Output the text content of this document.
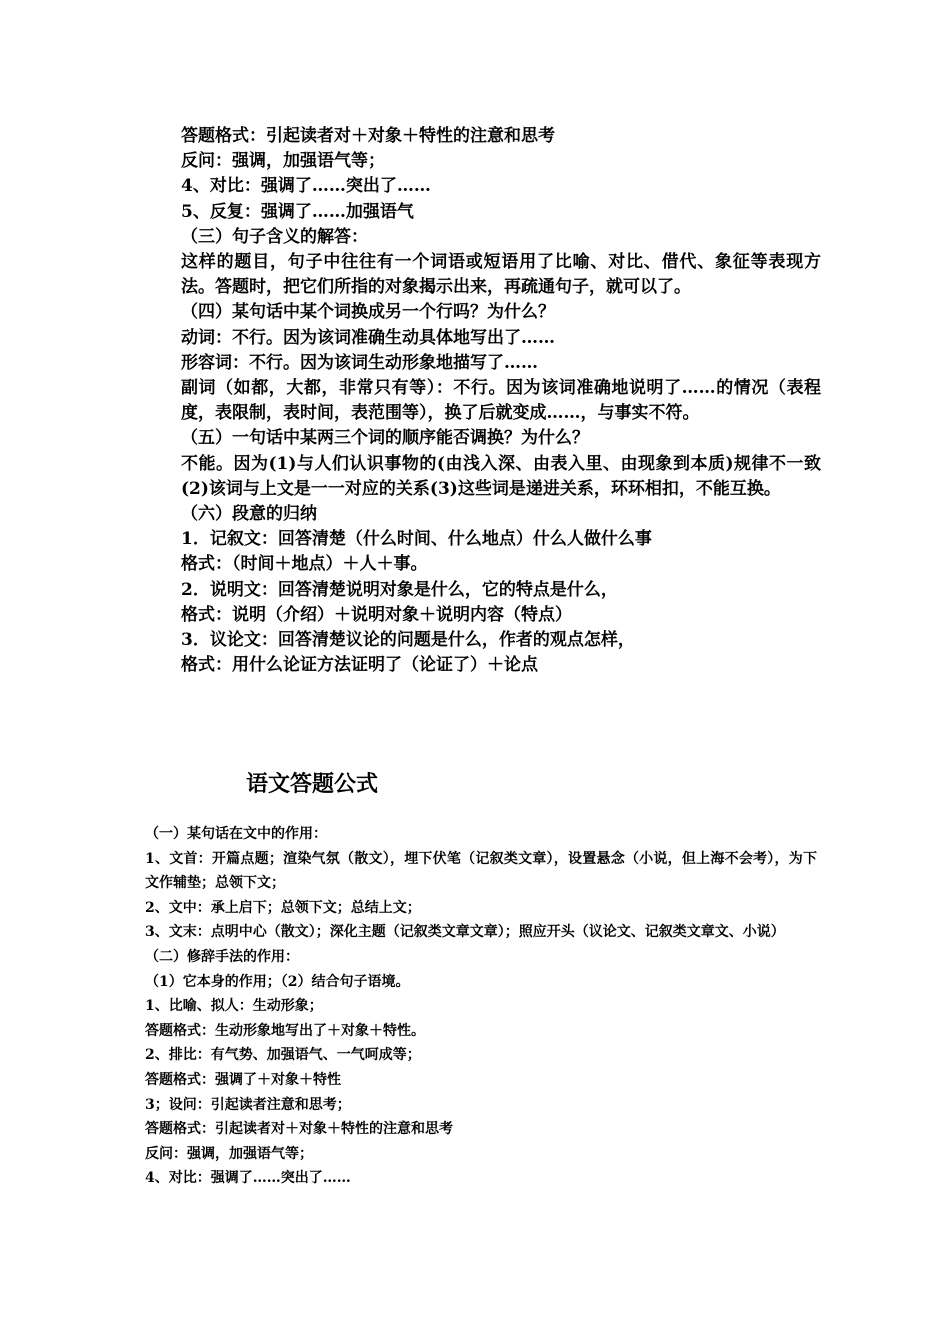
答题格式：引起读者对＋对象＋特性的注意和思考
反问：强调，加强语气等；
4、对比：强调了……突出了……
5、反复：强调了……加强语气
（三）句子含义的解答：
这样的题目，句子中往往有一个词语或短语用了比喻、对比、借代、象征等表现方法。答题时，把它们所指的对象揭示出来，再疏通句子，就可以了。
（四）某句话中某个词换成另一个行吗？为什么？
动词：不行。因为该词准确生动具体地写出了……
形容词：不行。因为该词生动形象地描写了……
副词（如都，大都，非常只有等）：不行。因为该词准确地说明了……的情况（表程度，表限制，表时间，表范围等），换了后就变成……，与事实不符。
（五）一句话中某两三个词的顺序能否调换？为什么？
不能。因为(1)与人们认识事物的(由浅入深、由表入里、由现象到本质)规律不一致(2)该词与上文是一一对应的关系(3)这些词是递进关系，环环相扣，不能互换。
（六）段意的归纳
1．记叙文：回答清楚（什么时间、什么地点）什么人做什么事
格式：（时间＋地点）＋人＋事。
2．说明文：回答清楚说明对象是什么，它的特点是什么，
格式：说明（介绍）＋说明对象＋说明内容（特点）
3．议论文：回答清楚议论的问题是什么，作者的观点怎样，
格式：用什么论证方法证明了（论证了）＋论点
语文答题公式
（一）某句话在文中的作用：
1、文首：开篇点题；渲染气氛（散文），埋下伏笔（记叙类文章），设置悬念（小说，但上海不会考），为下文作辅垫；总领下文；
2、文中：承上启下；总领下文；总结上文；
3、文末：点明中心（散文）；深化主题（记叙类文章文章）；照应开头（议论文、记叙类文章文、小说）
（二）修辞手法的作用：
（1）它本身的作用；（2）结合句子语境。
1、比喻、拟人：生动形象；
答题格式：生动形象地写出了＋对象＋特性。
2、排比：有气势、加强语气、一气呵成等；
答题格式：强调了＋对象＋特性
3；设问：引起读者注意和思考；
答题格式：引起读者对＋对象＋特性的注意和思考
反问：强调，加强语气等；
4、对比：强调了……突出了……
